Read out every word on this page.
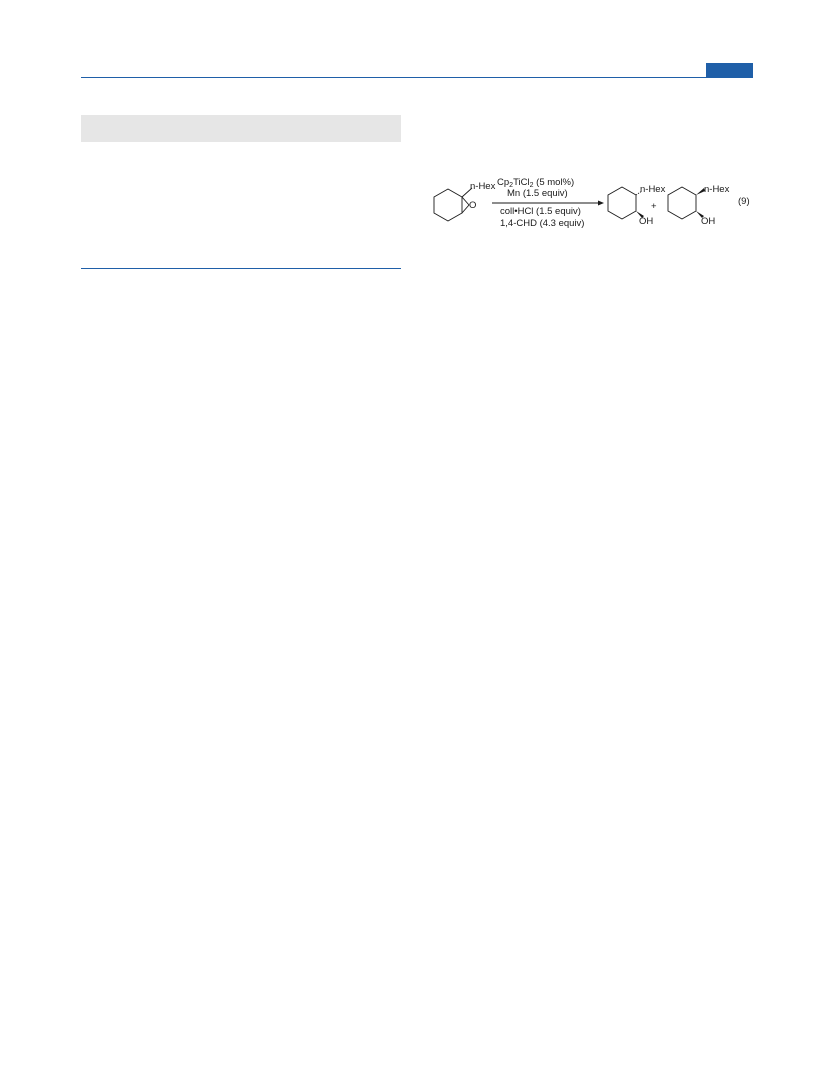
n-Hex
O
$Cp_2TiCl_2$ (5 mol%)
Mn (1.5 equiv)
coll•HCl (1.5 equiv)
1,4-CHD (4.3 equiv)
n-Hex
OH
+
n-Hex
OH
(9)
